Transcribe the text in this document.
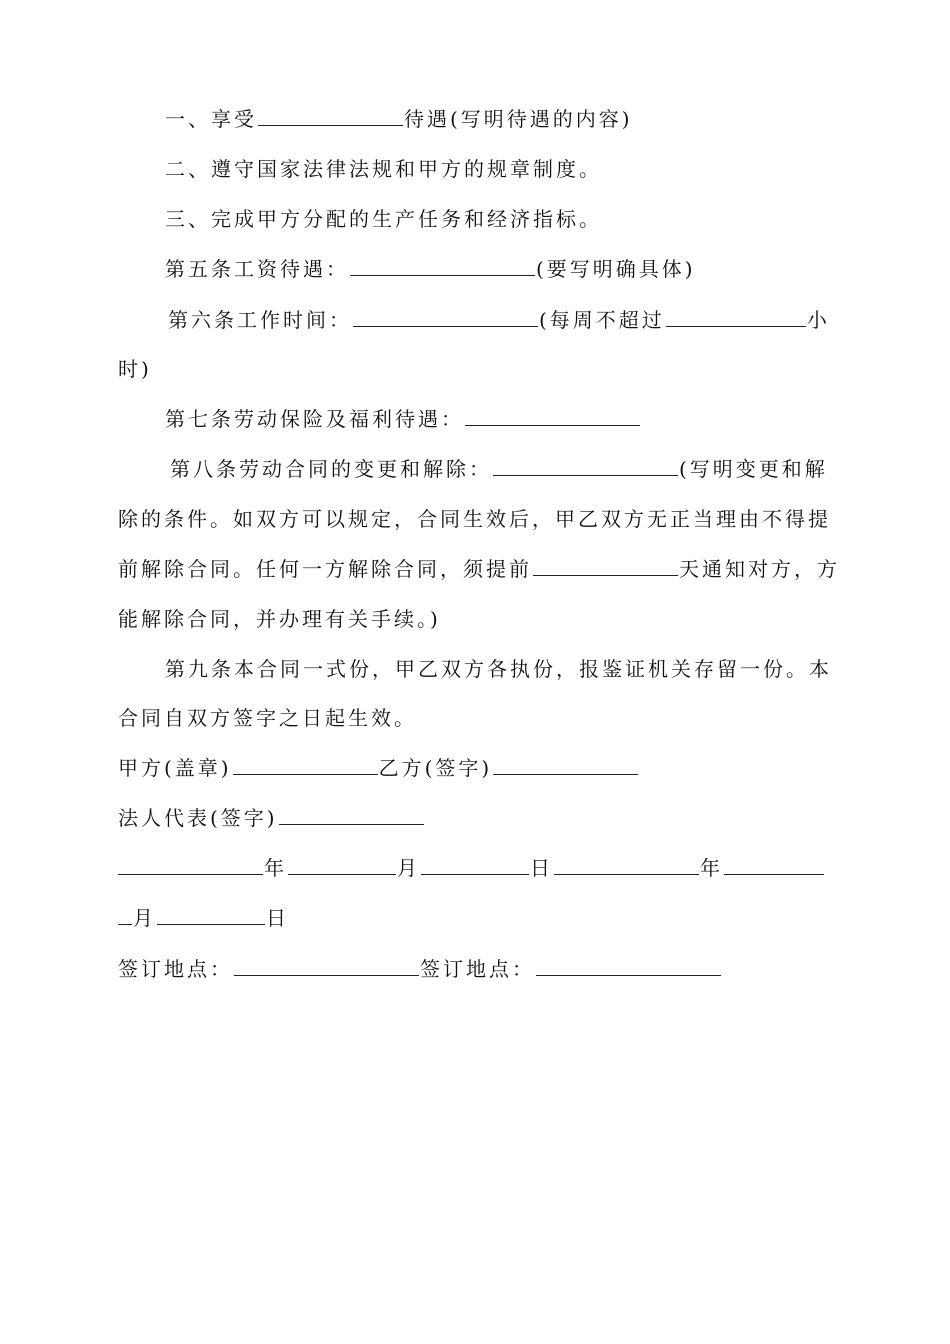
一、享受	待遇(写明待遇的内容)
二、遵守国家法律法规和甲方的规章制度。
三、完成甲方分配的生产任务和经济指标。
第五条工资待遇：	(要写明确具体)
第六条工作时间：	(每周不超过	小
时)
第七条劳动保险及福利待遇：
第八条劳动合同的变更和解除：	(写明变更和解
除的条件。如双方可以规定，合同生效后，甲乙双方无正当理由不得提
前解除合同。任何一方解除合同，须提前	天通知对方，方
能解除合同，并办理有关手续。)
第九条本合同一式份，甲乙双方各执份，报鉴证机关存留一份。本
合同自双方签字之日起生效。
甲方(盖章)	乙方(签字)
法人代表(签字)
年	月	日	年
月	日
签订地点：	签订地点：
